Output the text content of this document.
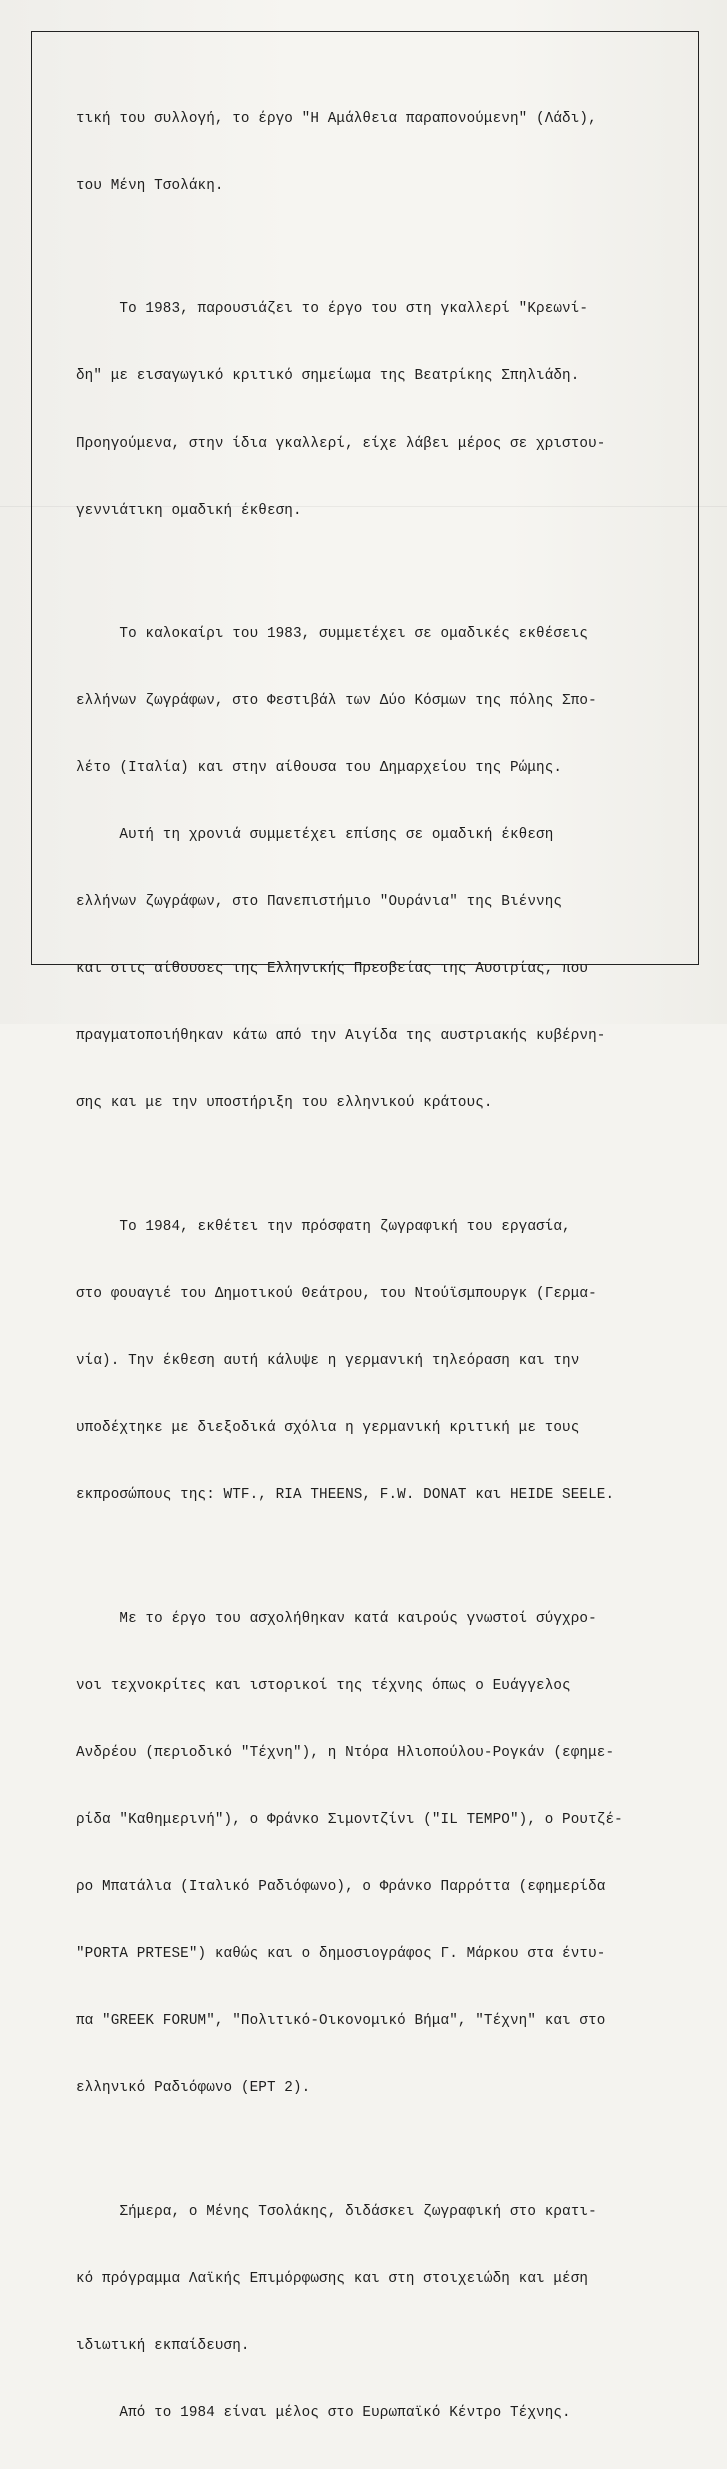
τική του συλλογή, το έργο "Η Αμάλθεια παραπονούμενη" (Λάδι),

του Μένη Τσολάκη.

Το 1983, παρουσιάζει το έργο του στη γκαλλερί "Κρεωνί-

δη" με εισαγωγικό κριτικό σημείωμα της Βεατρίκης Σπηλιάδη.

Προηγούμενα, στην ίδια γκαλλερί, είχε λάβει μέρος σε χριστου-

γεννιάτικη ομαδική έκθεση.

Το καλοκαίρι του 1983, συμμετέχει σε ομαδικές εκθέσεις

ελλήνων ζωγράφων, στο Φεστιβάλ των Δύο Κόσμων της πόλης Σπο-

λέτο (Ιταλία) και στην αίθουσα του Δημαρχείου της Ρώμης.

Αυτή τη χρονιά συμμετέχει επίσης σε ομαδική έκθεση

ελλήνων ζωγράφων, στο Πανεπιστήμιο "Ουράνια" της Βιέννης

και στις αίθουσες της Ελληνικής Πρεσβείας της Αυστρίας, που

πραγματοποιήθηκαν κάτω από την Αιγίδα της αυστριακής κυβέρνη-

σης και με την υποστήριξη του ελληνικού κράτους.

Το 1984, εκθέτει την πρόσφατη ζωγραφική του εργασία,

στο φουαγιέ του Δημοτικού Θεάτρου, του Ντούϊσμπουργκ (Γερμα-

νία). Την έκθεση αυτή κάλυψε η γερμανική τηλεόραση και την

υποδέχτηκε με διεξοδικά σχόλια η γερμανική κριτική με τους

εκπροσώπους της: WTF., RIA THEENS, F.W. DONAT και HEIDE SEELE.

Με το έργο του ασχολήθηκαν κατά καιρούς γνωστοί σύγχρο-

νοι τεχνοκρίτες και ιστορικοί της τέχνης όπως ο Ευάγγελος

Ανδρέου (περιοδικό "Τέχνη"), η Ντόρα Ηλιοπούλου-Ρογκάν (εφημε-

ρίδα "Καθημερινή"), ο Φράνκο Σιμοντζίνι ("IL TEMPO"), ο Ρουτζέ-

ρο Μπατάλια (Ιταλικό Ραδιόφωνο), ο Φράνκο Παρρόττα (εφημερίδα

"PORTA PRTESE") καθώς και ο δημοσιογράφος Γ. Μάρκου στα έντυ-

πα "GREEK FORUM", "Πολιτικό-Οικονομικό Βήμα", "Τέχνη" και στο

ελληνικό Ραδιόφωνο (ΕΡΤ 2).

Σήμερα, ο Μένης Τσολάκης, διδάσκει ζωγραφική στο κρατι-

κό πρόγραμμα Λαϊκής Επιμόρφωσης και στη στοιχειώδη και μέση

ιδιωτική εκπαίδευση.

Από το 1984 είναι μέλος στο Ευρωπαϊκό Κέντρο Τέχνης.
